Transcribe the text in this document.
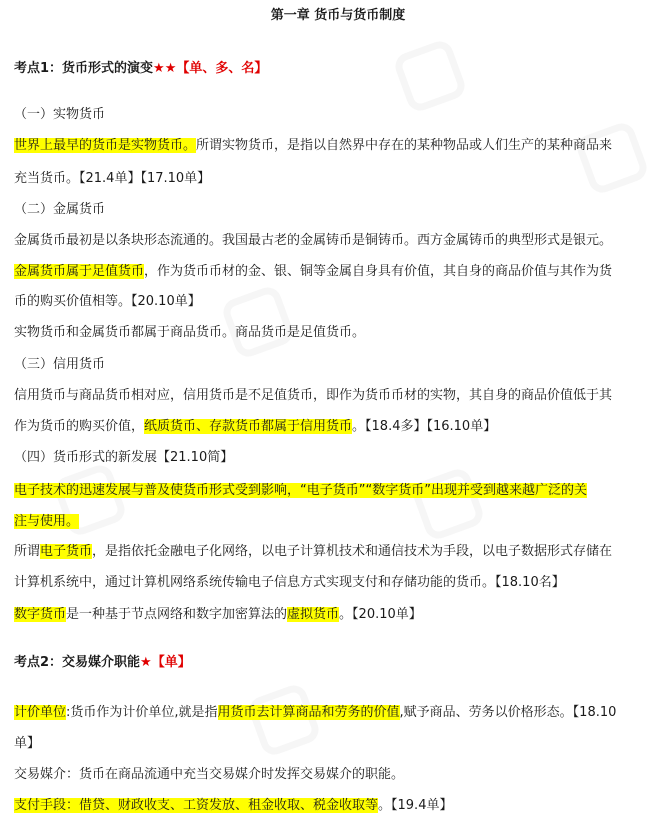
第一章 货币与货币制度
考点1：货币形式的演变★★【单、多、名】
（一）实物货币
世界上最早的货币是实物货币。所谓实物货币，是指以自然界中存在的某种物品或人们生产的某种商品来
充当货币。【21.4单】【17.10单】
（二）金属货币
金属货币最初是以条块形态流通的。我国最古老的金属铸币是铜铸币。西方金属铸币的典型形式是银元。
金属货币属于足值货币，作为货币币材的金、银、铜等金属自身具有价值，其自身的商品价值与其作为货
币的购买价值相等。【20.10单】
实物货币和金属货币都属于商品货币。商品货币是足值货币。
（三）信用货币
信用货币与商品货币相对应，信用货币是不足值货币，即作为货币币材的实物，其自身的商品价值低于其
作为货币的购买价值，纸质货币、存款货币都属于信用货币。【18.4多】【16.10单】
（四）货币形式的新发展【21.10简】
电子技术的迅速发展与普及使货币形式受到影响，“电子货币”“数字货币”出现并受到越来越广泛的关
注与使用。
所谓电子货币，是指依托金融电子化网络，以电子计算机技术和通信技术为手段，以电子数据形式存储在
计算机系统中，通过计算机网络系统传输电子信息方式实现支付和存储功能的货币。【18.10名】
数字货币是一种基于节点网络和数字加密算法的虚拟货币。【20.10单】
考点2：交易媒介职能★【单】
计价单位:货币作为计价单位,就是指用货币去计算商品和劳务的价值,赋予商品、劳务以价格形态。【18.10
单】
交易媒介：货币在商品流通中充当交易媒介时发挥交易媒介的职能。
支付手段：借贷、财政收支、工资发放、租金收取、税金收取等。【19.4单】
